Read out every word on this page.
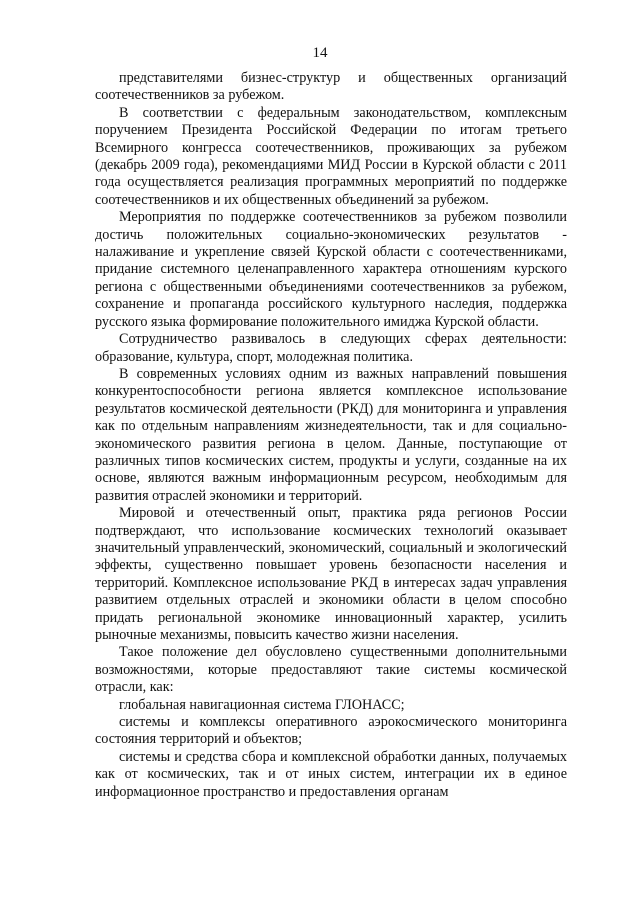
14

представителями бизнес-структур и общественных организаций соотечественников за рубежом.

В соответствии с федеральным законодательством, комплексным поручением Президента Российской Федерации по итогам третьего Всемирного конгресса соотечественников, проживающих за рубежом (декабрь 2009 года), рекомендациями МИД России в Курской области с 2011 года осуществляется реализация программных мероприятий по поддержке соотечественников и их общественных объединений за рубежом.

Мероприятия по поддержке соотечественников за рубежом позволили достичь положительных социально-экономических результатов - налаживание и укрепление связей Курской области с соотечественниками, придание системного целенаправленного характера отношениям курского региона с общественными объединениями соотечественников за рубежом, сохранение и пропаганда российского культурного наследия, поддержка русского языка формирование положительного имиджа Курской области.

Сотрудничество развивалось в следующих сферах деятельности: образование, культура, спорт, молодежная политика.

В современных условиях одним из важных направлений повышения конкурентоспособности региона является комплексное использование результатов космической деятельности (РКД) для мониторинга и управления как по отдельным направлениям жизнедеятельности, так и для социально-экономического развития региона в целом. Данные, поступающие от различных типов космических систем, продукты и услуги, созданные на их основе, являются важным информационным ресурсом, необходимым для развития отраслей экономики и территорий.

Мировой и отечественный опыт, практика ряда регионов России подтверждают, что использование космических технологий оказывает значительный управленческий, экономический, социальный и экологический эффекты, существенно повышает уровень безопасности населения и территорий. Комплексное использование РКД в интересах задач управления развитием отдельных отраслей и экономики области в целом способно придать региональной экономике инновационный характер, усилить рыночные механизмы, повысить качество жизни населения.

Такое положение дел обусловлено существенными дополнительными возможностями, которые предоставляют такие системы космической отрасли, как:

глобальная навигационная система ГЛОНАСС;

системы и комплексы оперативного аэрокосмического мониторинга состояния территорий и объектов;

системы и средства сбора и комплексной обработки данных, получаемых как от космических, так и от иных систем, интеграции их в единое информационное пространство и предоставления органам
